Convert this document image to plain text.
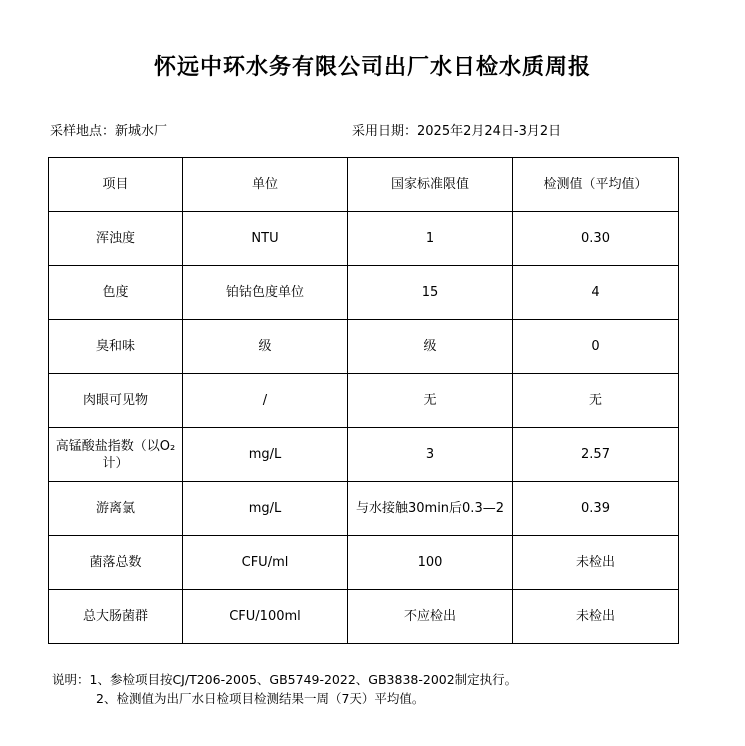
怀远中环水务有限公司出厂水日检水质周报
采样地点：新城水厂	采用日期：2025年2月24日-3月2日
项目	单位	国家标准限值	检测值（平均值）
浑浊度	NTU	1	0.30
色度	铂钴色度单位	15	4
臭和味	级	级	0
肉眼可见物	/	无	无
高锰酸盐指数（以O₂计）	mg/L	3	2.57
游离氯	mg/L	与水接触30min后0.3—2	0.39
菌落总数	CFU/ml	100	未检出
总大肠菌群	CFU/100ml	不应检出	未检出
说明：1、参检项目按CJ/T206-2005、GB5749-2022、GB3838-2002制定执行。
2、检测值为出厂水日检项目检测结果一周（7天）平均值。
